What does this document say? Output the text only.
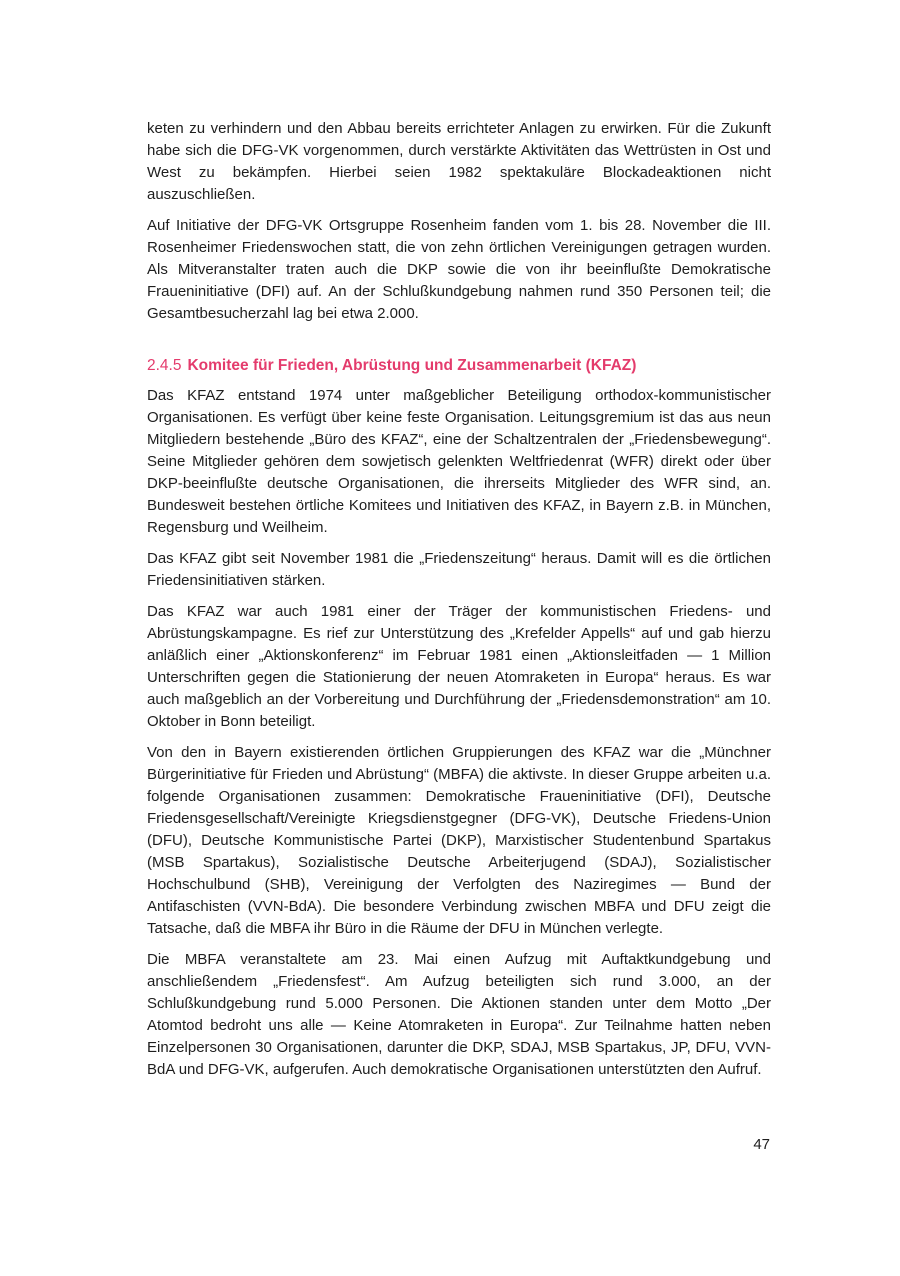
keten zu verhindern und den Abbau bereits errichteter Anlagen zu erwirken. Für die Zukunft habe sich die DFG-VK vorgenommen, durch verstärkte Aktivitäten das Wettrüsten in Ost und West zu bekämpfen. Hierbei seien 1982 spektakuläre Blockadeaktionen nicht auszuschließen.

Auf Initiative der DFG-VK Ortsgruppe Rosenheim fanden vom 1. bis 28. November die III. Rosenheimer Friedenswochen statt, die von zehn örtlichen Vereinigungen getragen wurden. Als Mitveranstalter traten auch die DKP sowie die von ihr beeinflußte Demokratische Fraueninitiative (DFI) auf. An der Schlußkundgebung nahmen rund 350 Personen teil; die Gesamtbesucherzahl lag bei etwa 2.000.

2.4.5 Komitee für Frieden, Abrüstung und Zusammenarbeit (KFAZ)

Das KFAZ entstand 1974 unter maßgeblicher Beteiligung orthodox-kommunistischer Organisationen. Es verfügt über keine feste Organisation. Leitungsgremium ist das aus neun Mitgliedern bestehende „Büro des KFAZ“, eine der Schaltzentralen der „Friedensbewegung“. Seine Mitglieder gehören dem sowjetisch gelenkten Weltfriedenrat (WFR) direkt oder über DKP-beeinflußte deutsche Organisationen, die ihrerseits Mitglieder des WFR sind, an. Bundesweit bestehen örtliche Komitees und Initiativen des KFAZ, in Bayern z.B. in München, Regensburg und Weilheim.

Das KFAZ gibt seit November 1981 die „Friedenszeitung“ heraus. Damit will es die örtlichen Friedensinitiativen stärken.

Das KFAZ war auch 1981 einer der Träger der kommunistischen Friedens- und Abrüstungskampagne. Es rief zur Unterstützung des „Krefelder Appells“ auf und gab hierzu anläßlich einer „Aktionskonferenz“ im Februar 1981 einen „Aktionsleitfaden — 1 Million Unterschriften gegen die Stationierung der neuen Atomraketen in Europa“ heraus. Es war auch maßgeblich an der Vorbereitung und Durchführung der „Friedensdemonstration“ am 10. Oktober in Bonn beteiligt.

Von den in Bayern existierenden örtlichen Gruppierungen des KFAZ war die „Münchner Bürgerinitiative für Frieden und Abrüstung“ (MBFA) die aktivste. In dieser Gruppe arbeiten u.a. folgende Organisationen zusammen: Demokratische Fraueninitiative (DFI), Deutsche Friedensgesellschaft/Vereinigte Kriegsdienstgegner (DFG-VK), Deutsche Friedens-Union (DFU), Deutsche Kommunistische Partei (DKP), Marxistischer Studentenbund Spartakus (MSB Spartakus), Sozialistische Deutsche Arbeiterjugend (SDAJ), Sozialistischer Hochschulbund (SHB), Vereinigung der Verfolgten des Naziregimes — Bund der Antifaschisten (VVN-BdA). Die besondere Verbindung zwischen MBFA und DFU zeigt die Tatsache, daß die MBFA ihr Büro in die Räume der DFU in München verlegte.

Die MBFA veranstaltete am 23. Mai einen Aufzug mit Auftaktkundgebung und anschließendem „Friedensfest“. Am Aufzug beteiligten sich rund 3.000, an der Schlußkundgebung rund 5.000 Personen. Die Aktionen standen unter dem Motto „Der Atomtod bedroht uns alle — Keine Atomraketen in Europa“. Zur Teilnahme hatten neben Einzelpersonen 30 Organisationen, darunter die DKP, SDAJ, MSB Spartakus, JP, DFU, VVN-BdA und DFG-VK, aufgerufen. Auch demokratische Organisationen unterstützten den Aufruf.

47
